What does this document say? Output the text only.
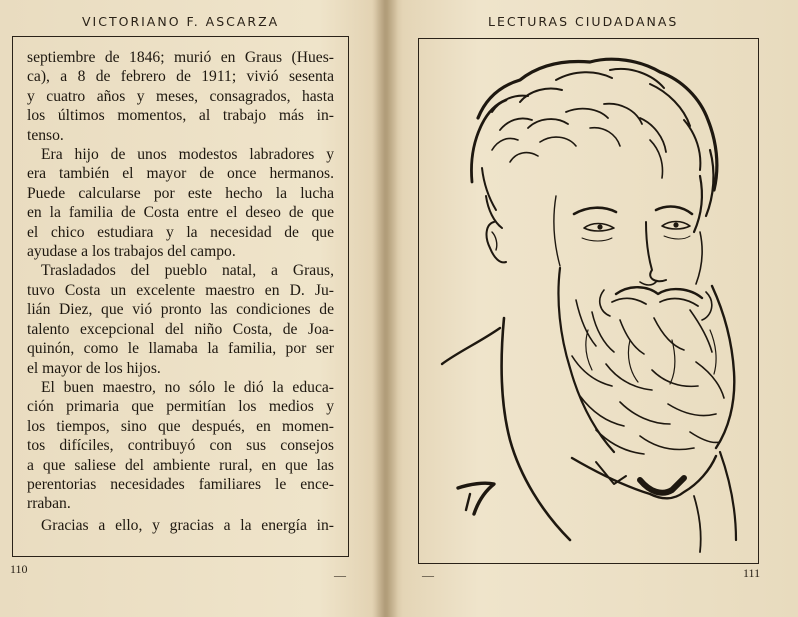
VICTORIANO F. ASCARZA
septiembre de 1846; murió en Graus (Hues-
ca), a 8 de febrero de 1911; vivió sesenta
y cuatro años y meses, consagrados, hasta
los últimos momentos, al trabajo más in-
tenso.
Era hijo de unos modestos labradores y
era también el mayor de once hermanos.
Puede calcularse por este hecho la lucha
en la familia de Costa entre el deseo de que
el chico estudiara y la necesidad de que
ayudase a los trabajos del campo.
Trasladados del pueblo natal, a Graus,
tuvo Costa un excelente maestro en D. Ju-
lián Diez, que vió pronto las condiciones de
talento excepcional del niño Costa, de Joa-
quinón, como le llamaba la familia, por ser
el mayor de los hijos.
El buen maestro, no sólo le dió la educa-
ción primaria que permitían los medios y
los tiempos, sino que después, en momen-
tos difíciles, contribuyó con sus consejos
a que saliese del ambiente rural, en que las
perentorias necesidades familiares le ence-
rraban.
Gracias a ello, y gracias a la energía in-
110	—
LECTURAS CIUDADANAS
111
—
